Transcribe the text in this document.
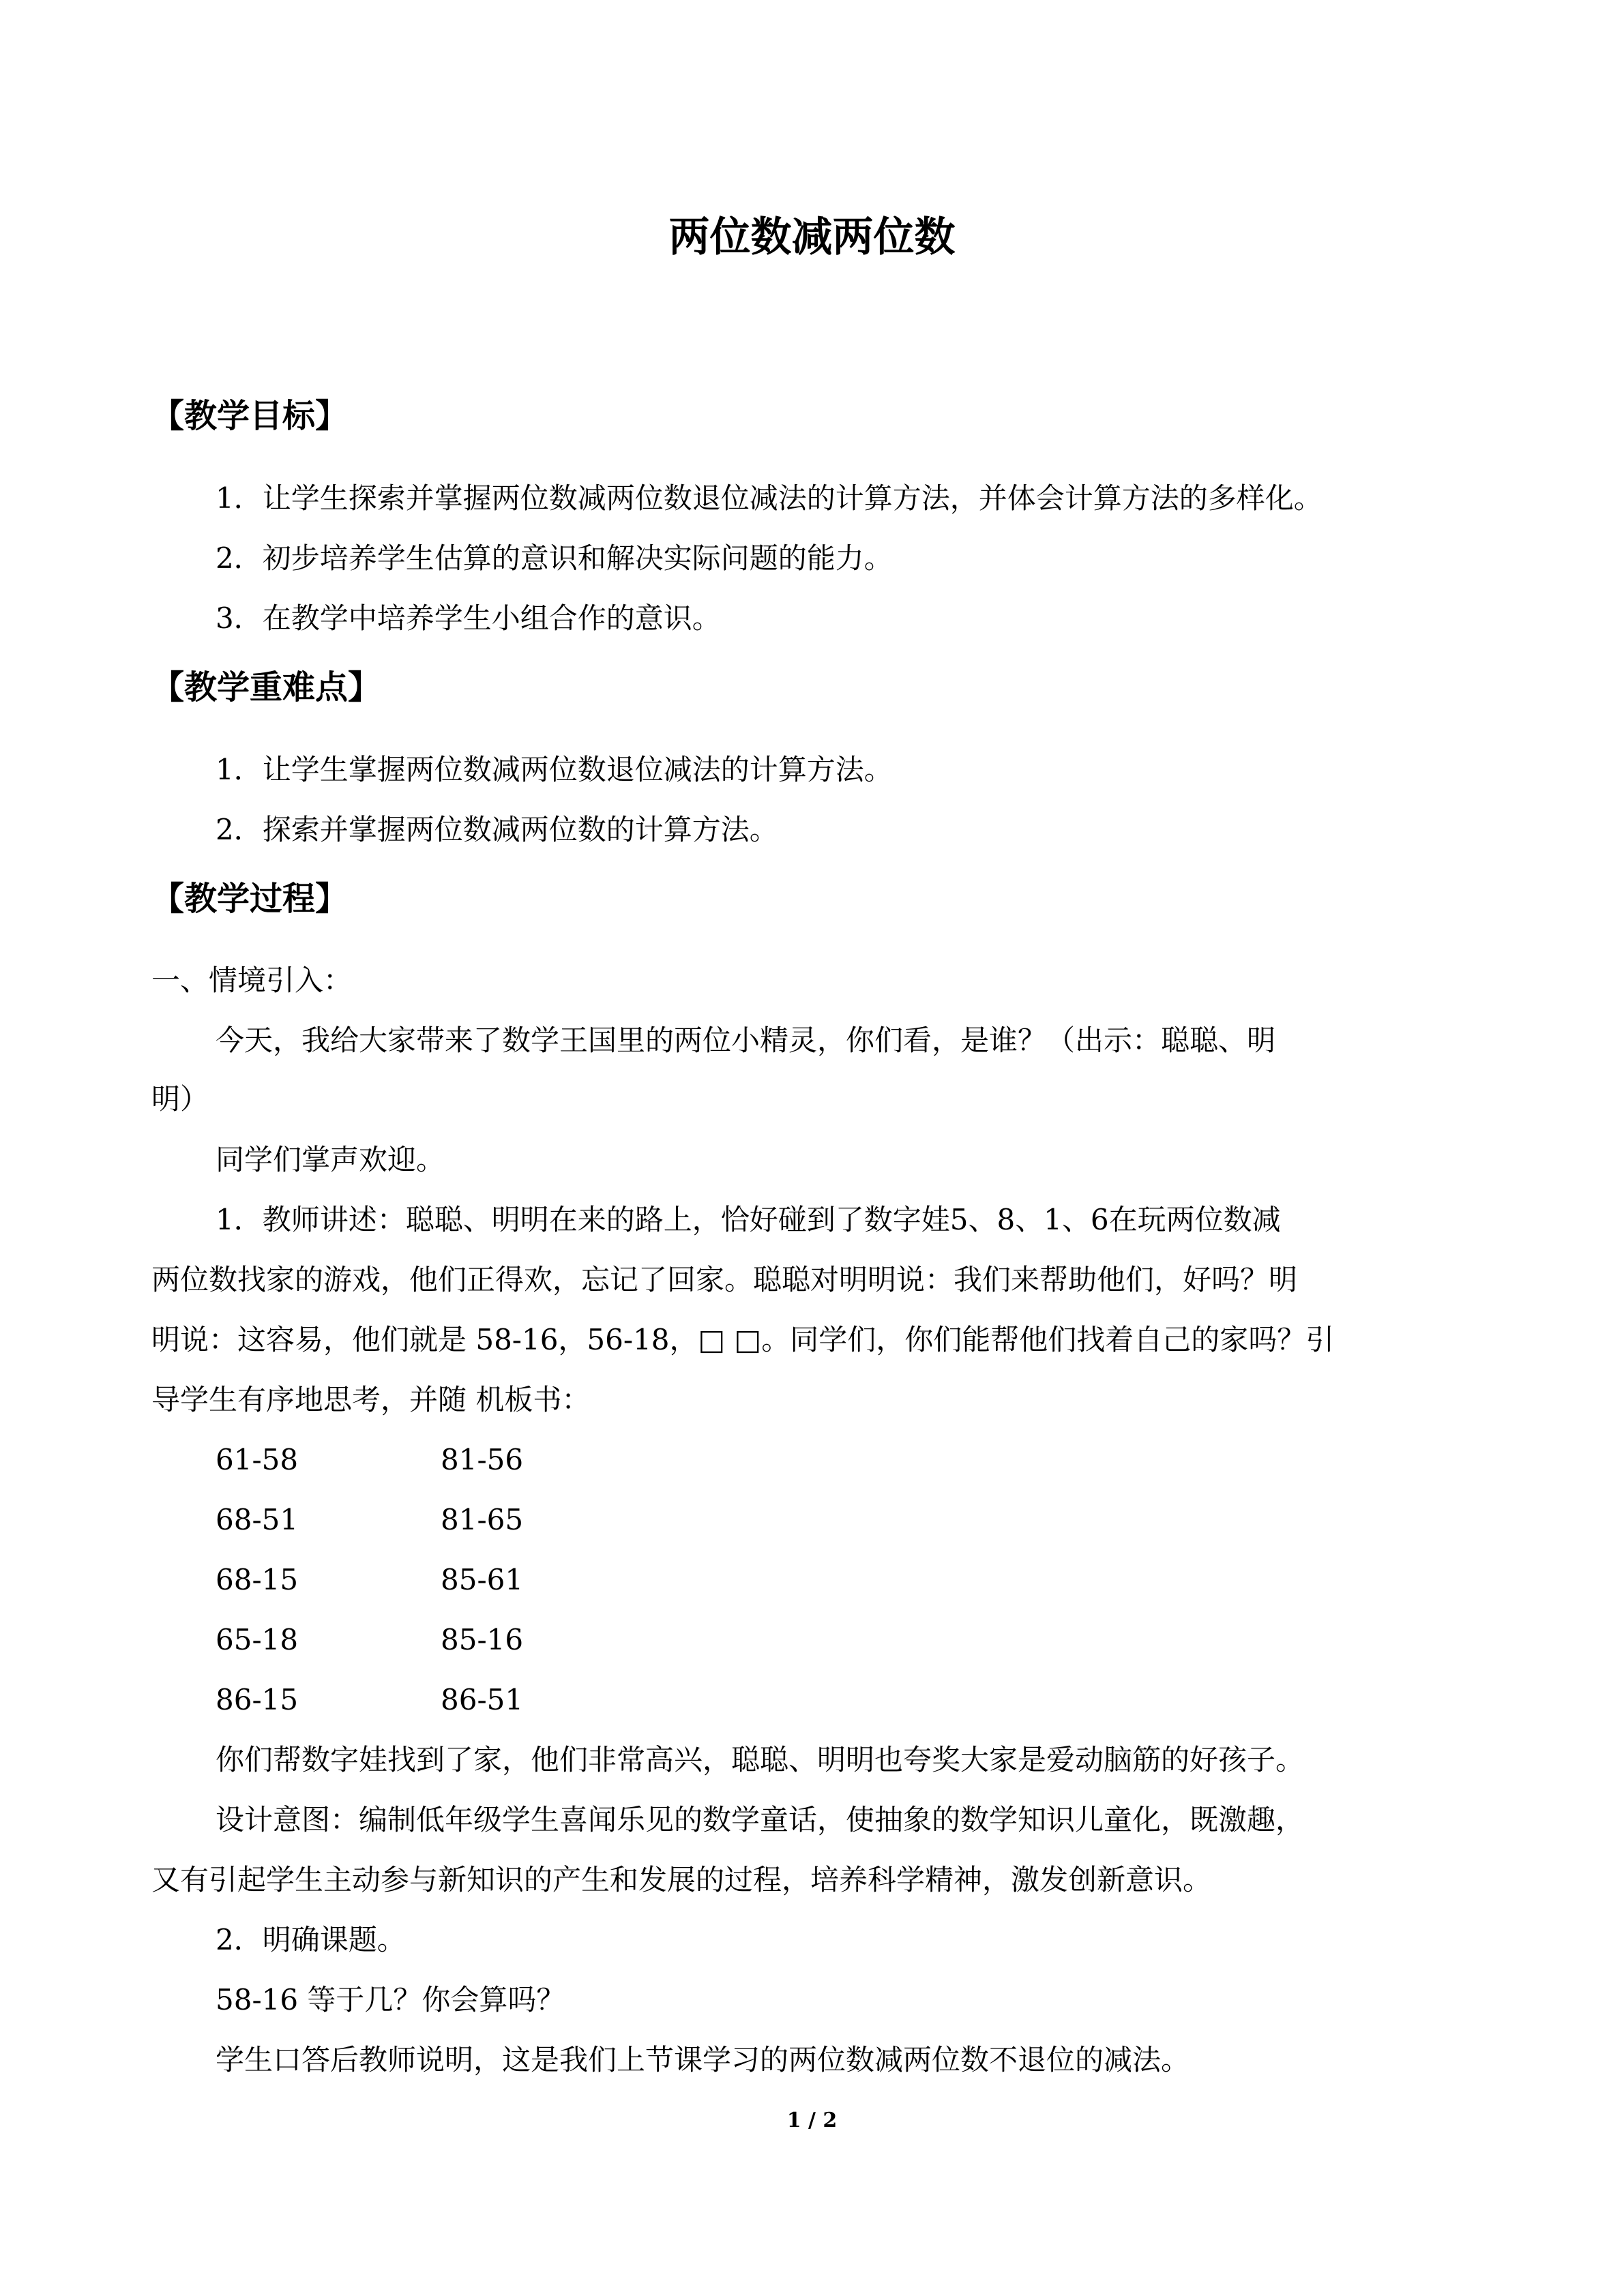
两位数减两位数
【教学目标】

1．让学生探索并掌握两位数减两位数退位减法的计算方法，并体会计算方法的多样化。

2．初步培养学生估算的意识和解决实际问题的能力。

3．在教学中培养学生小组合作的意识。

【教学重难点】

1．让学生掌握两位数减两位数退位减法的计算方法。

2．探索并掌握两位数减两位数的计算方法。

【教学过程】

一、情境引入：

今天，我给大家带来了数学王国里的两位小精灵，你们看，是谁？（出示：聪聪、明

明）

同学们掌声欢迎。

1．教师讲述：聪聪、明明在来的路上，恰好碰到了数字娃5、8、1、6在玩两位数减

两位数找家的游戏，他们正得欢，忘记了回家。聪聪对明明说：我们来帮助他们，好吗？明

明说：这容易，他们就是 58-16，56-18，□ □。同学们，你们能帮他们找着自己的家吗？引

导学生有序地思考，并随 机板书：

61-58	81-56

68-51	81-65

68-15	85-61

65-18	85-16

86-15	86-51

你们帮数字娃找到了家，他们非常高兴，聪聪、明明也夸奖大家是爱动脑筋的好孩子。

设计意图：编制低年级学生喜闻乐见的数学童话，使抽象的数学知识儿童化，既激趣，

又有引起学生主动参与新知识的产生和发展的过程，培养科学精神，激发创新意识。

2．明确课题。

58-16 等于几？你会算吗？

学生口答后教师说明，这是我们上节课学习的两位数减两位数不退位的减法。

1 / 2
